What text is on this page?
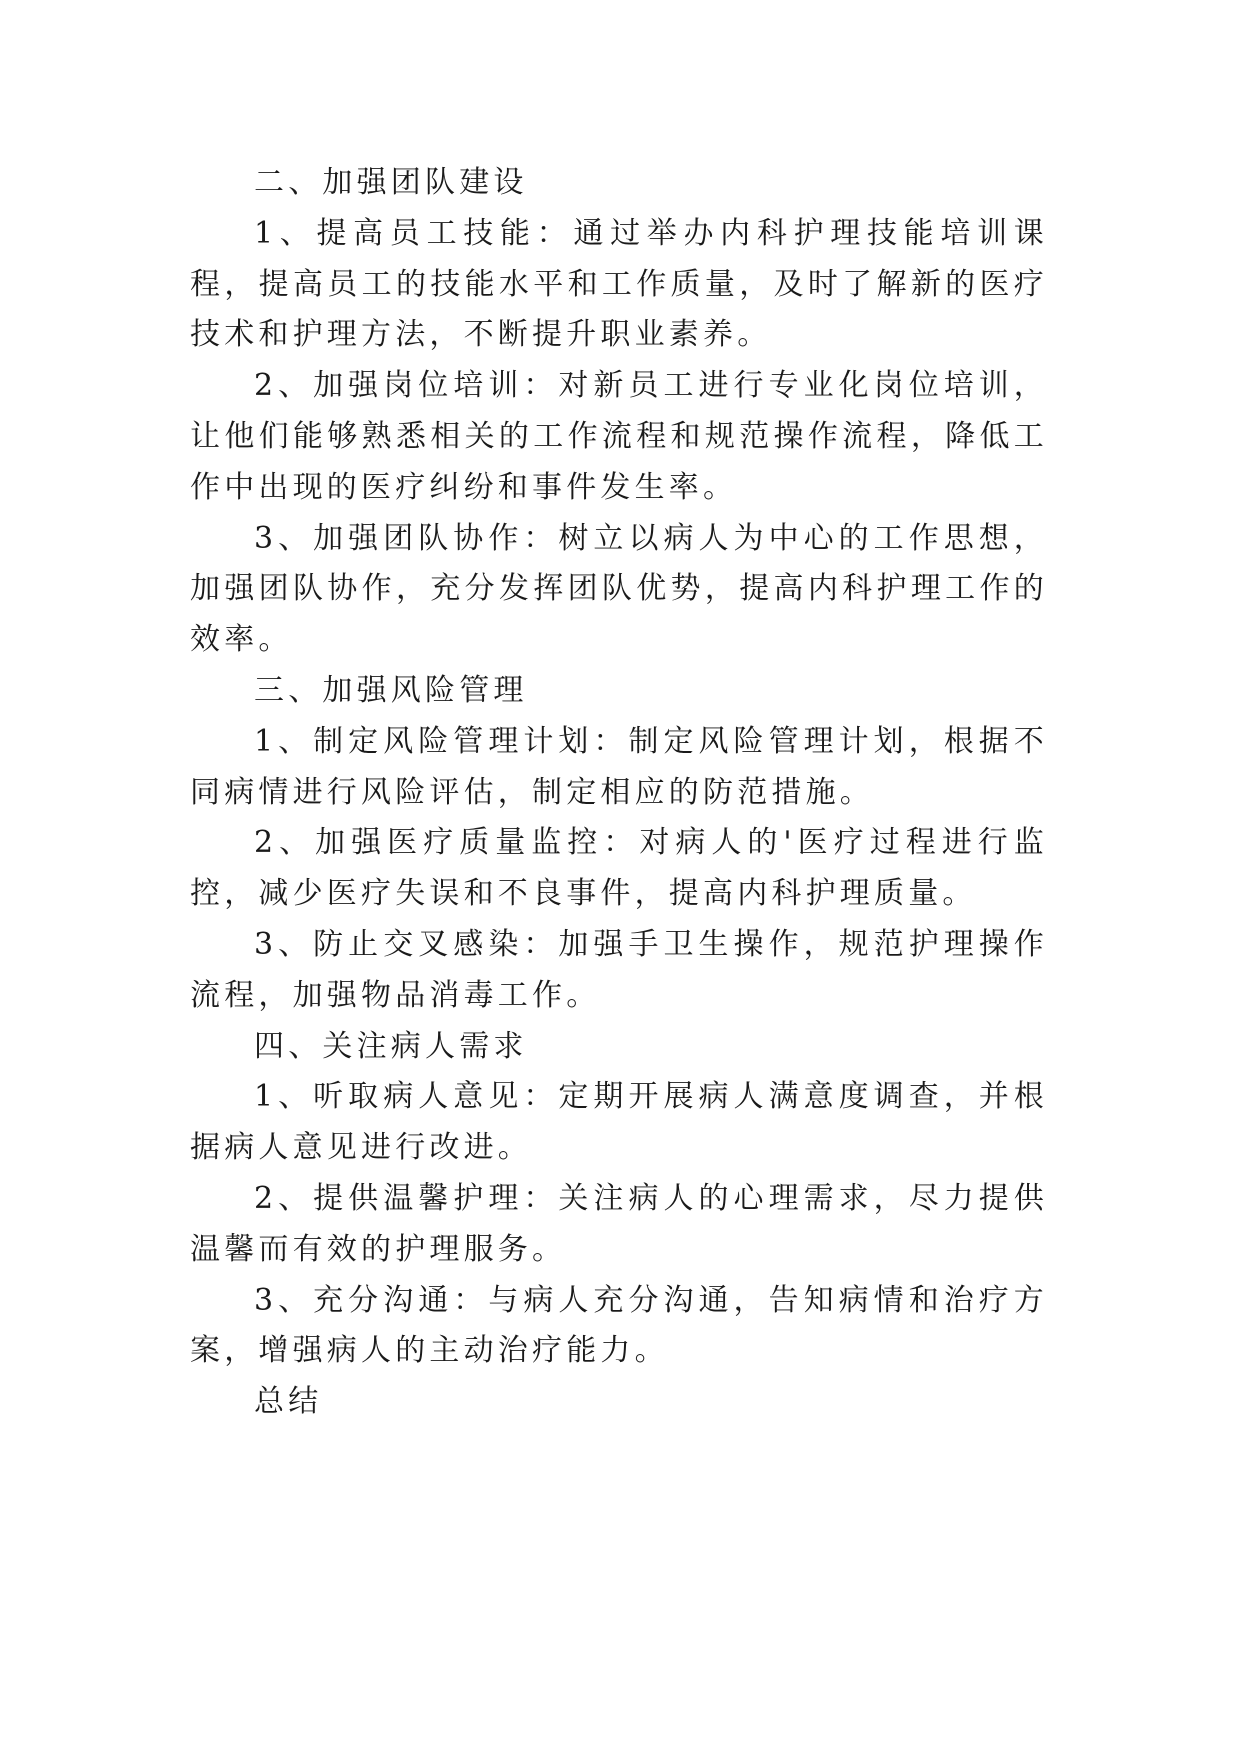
二、加强团队建设

1、提高员工技能：通过举办内科护理技能培训课程，提高员工的技能水平和工作质量，及时了解新的医疗技术和护理方法，不断提升职业素养。

2、加强岗位培训：对新员工进行专业化岗位培训，让他们能够熟悉相关的工作流程和规范操作流程，降低工作中出现的医疗纠纷和事件发生率。

3、加强团队协作：树立以病人为中心的工作思想，加强团队协作，充分发挥团队优势，提高内科护理工作的效率。

三、加强风险管理

1、制定风险管理计划：制定风险管理计划，根据不同病情进行风险评估，制定相应的防范措施。

2、加强医疗质量监控：对病人的'医疗过程进行监控，减少医疗失误和不良事件，提高内科护理质量。

3、防止交叉感染：加强手卫生操作，规范护理操作流程，加强物品消毒工作。

四、关注病人需求

1、听取病人意见：定期开展病人满意度调查，并根据病人意见进行改进。

2、提供温馨护理：关注病人的心理需求，尽力提供温馨而有效的护理服务。

3、充分沟通：与病人充分沟通，告知病情和治疗方案，增强病人的主动治疗能力。

总结
